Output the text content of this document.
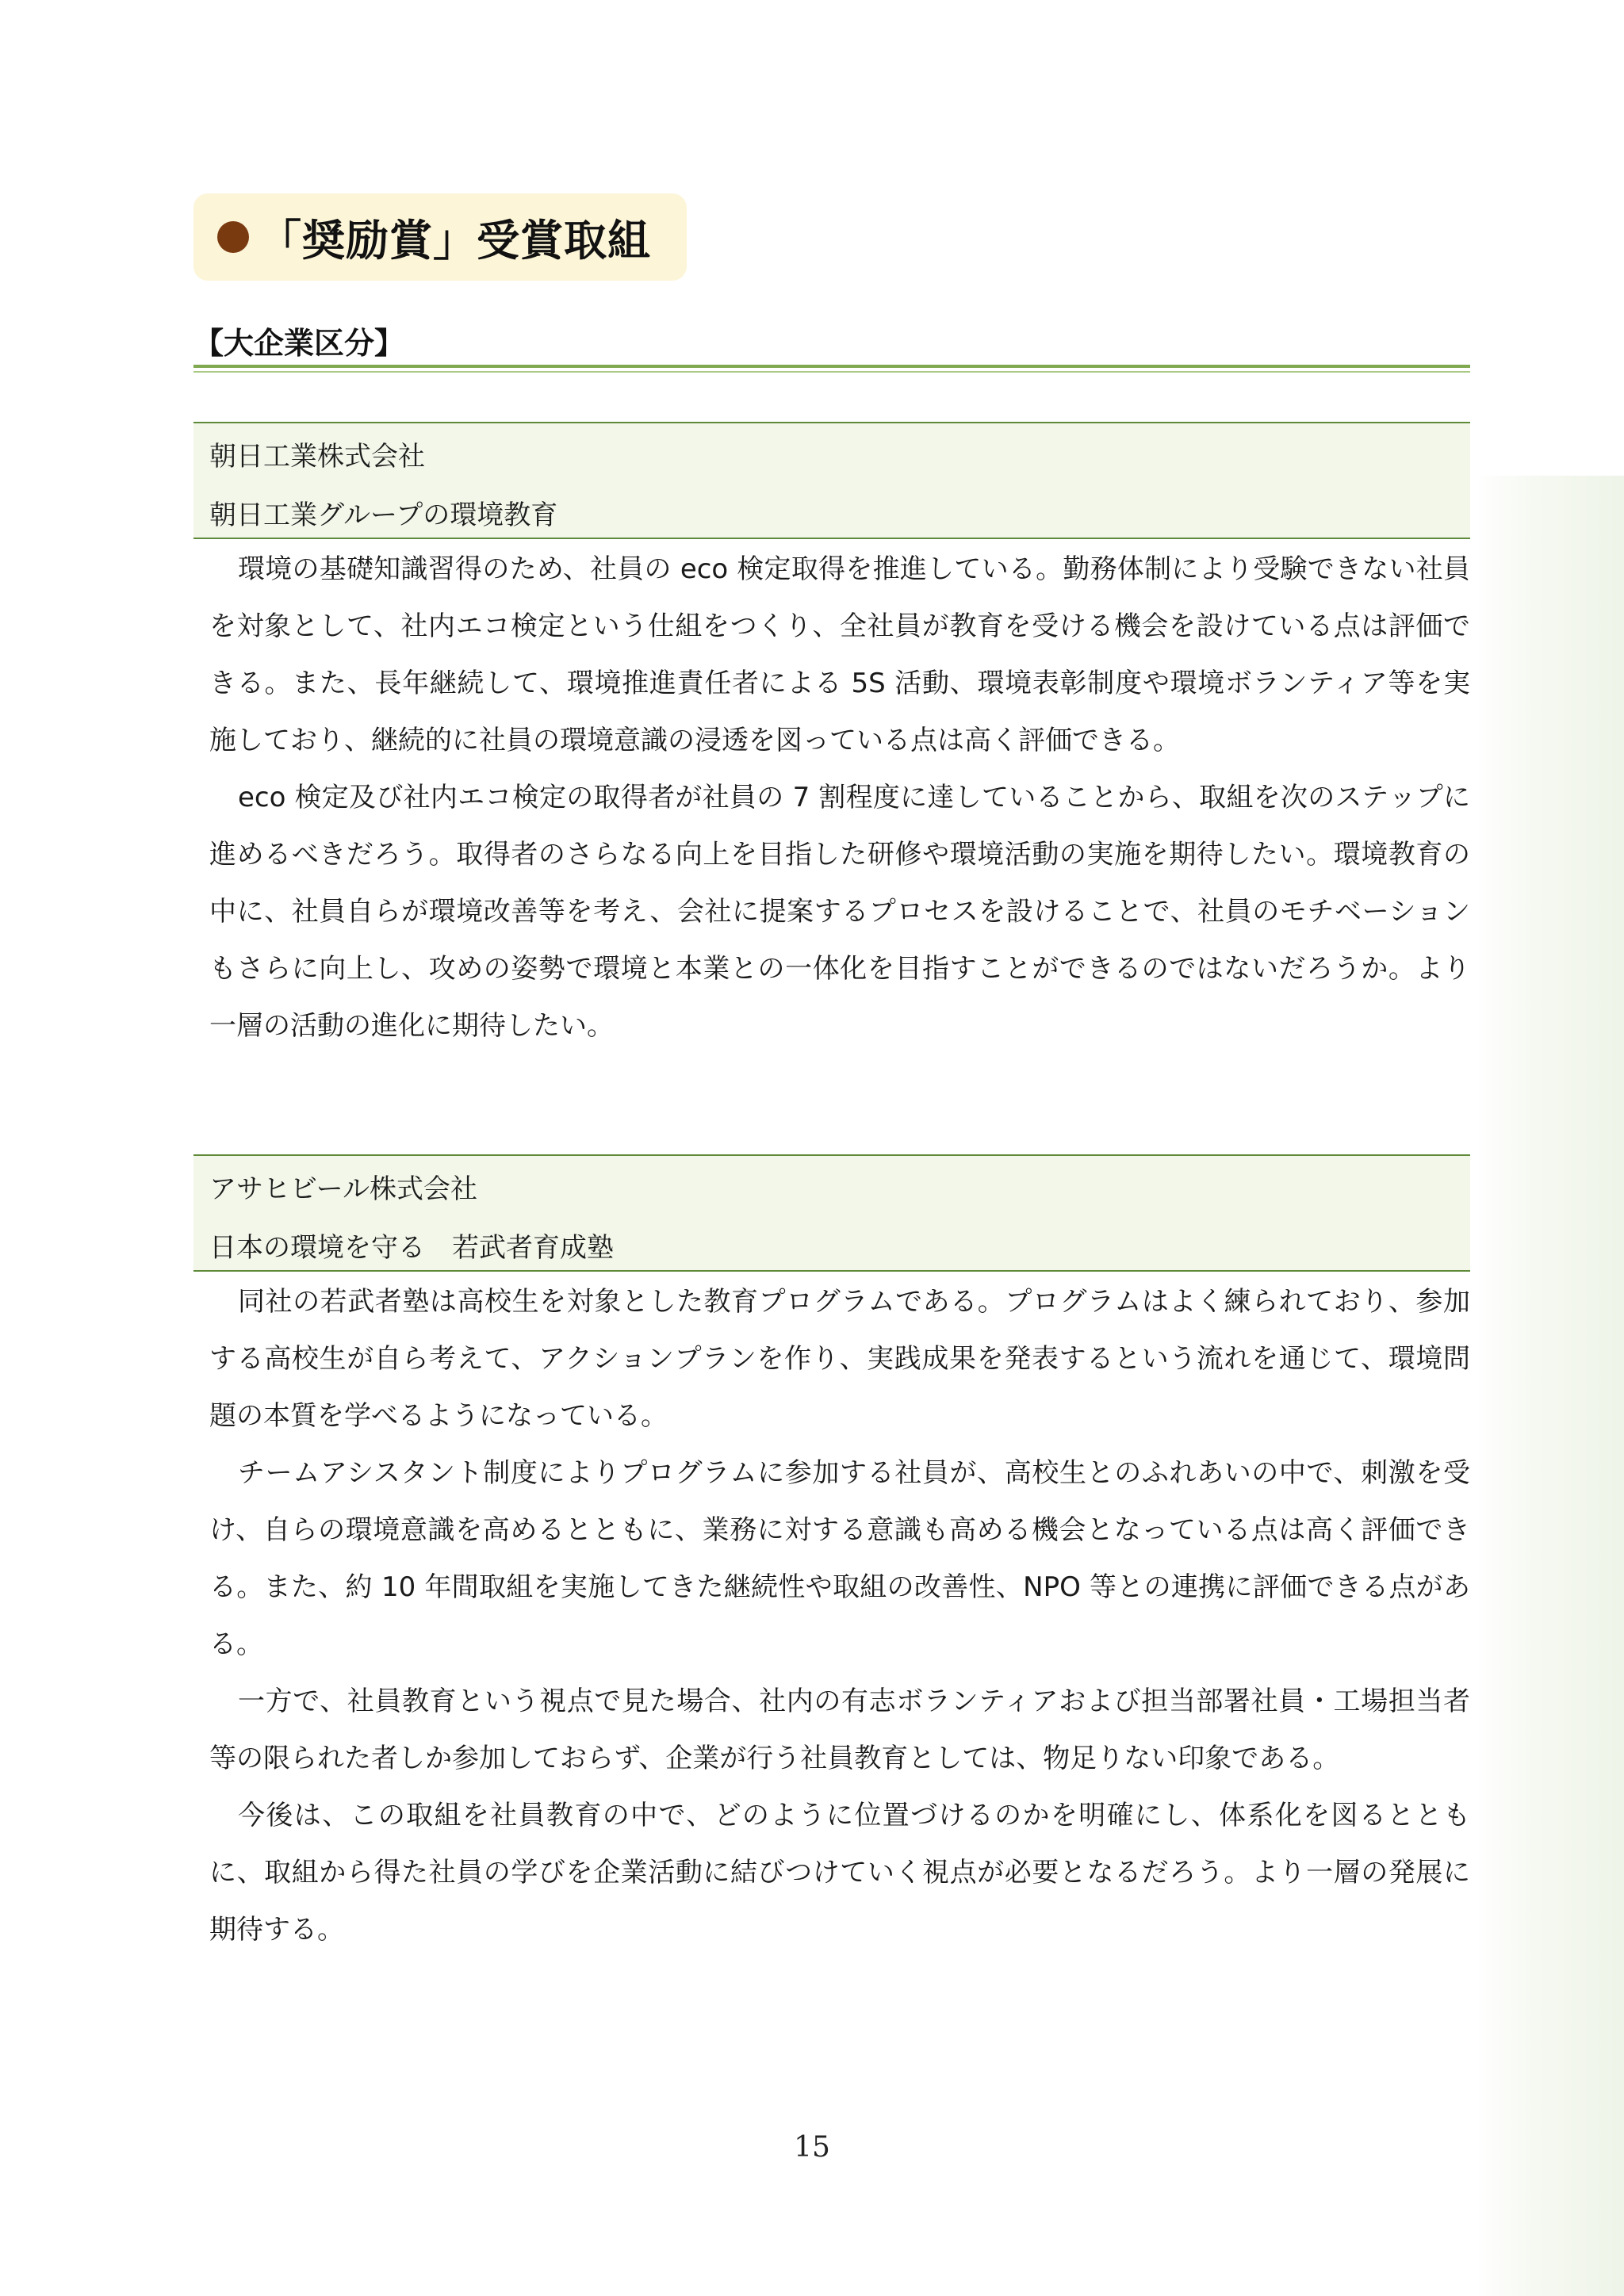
「奨励賞」受賞取組
【大企業区分】
朝日工業株式会社
朝日工業グループの環境教育

環境の基礎知識習得のため、社員の eco 検定取得を推進している。勤務体制により受験できない社員を対象として、社内エコ検定という仕組をつくり、全社員が教育を受ける機会を設けている点は評価できる。また、長年継続して、環境推進責任者による 5S 活動、環境表彰制度や環境ボランティア等を実施しており、継続的に社員の環境意識の浸透を図っている点は高く評価できる。

eco 検定及び社内エコ検定の取得者が社員の 7 割程度に達していることから、取組を次のステップに進めるべきだろう。取得者のさらなる向上を目指した研修や環境活動の実施を期待したい。環境教育の中に、社員自らが環境改善等を考え、会社に提案するプロセスを設けることで、社員のモチベーションもさらに向上し、攻めの姿勢で環境と本業との一体化を目指すことができるのではないだろうか。より一層の活動の進化に期待したい。

アサヒビール株式会社
日本の環境を守る　若武者育成塾

同社の若武者塾は高校生を対象とした教育プログラムである。プログラムはよく練られており、参加する高校生が自ら考えて、アクションプランを作り、実践成果を発表するという流れを通じて、環境問題の本質を学べるようになっている。

チームアシスタント制度によりプログラムに参加する社員が、高校生とのふれあいの中で、刺激を受け、自らの環境意識を高めるとともに、業務に対する意識も高める機会となっている点は高く評価できる。また、約 10 年間取組を実施してきた継続性や取組の改善性、NPO 等との連携に評価できる点がある。

一方で、社員教育という視点で見た場合、社内の有志ボランティアおよび担当部署社員・工場担当者等の限られた者しか参加しておらず、企業が行う社員教育としては、物足りない印象である。

今後は、この取組を社員教育の中で、どのように位置づけるのかを明確にし、体系化を図るとともに、取組から得た社員の学びを企業活動に結びつけていく視点が必要となるだろう。より一層の発展に期待する。

15
